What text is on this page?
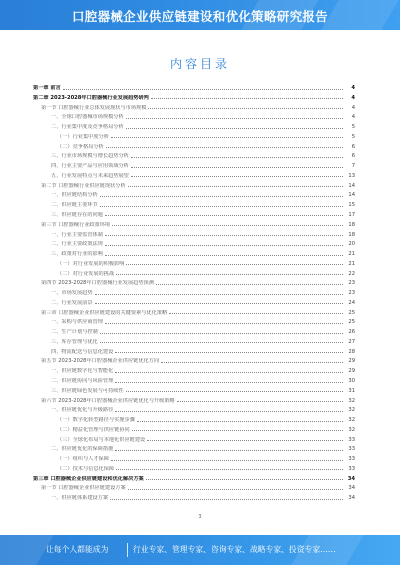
口腔器械企业供应链建设和优化策略研究报告
内容目录
第一章 前言	4
第二章 2023-2028年口腔器械行业发展趋势研判	4
第一节 口腔器械行业总体发展现状与市场规模	4
一、全球口腔器械市场规模分析	4
二、行业集中度及竞争格局分析	5
（一）行业集中度分析	5
（二）竞争格局分析	6
三、行业市场规模与增长趋势分析	6
四、行业主要产品与应用领域分析	7
五、行业发展特点与未来趋势展望	13
第二节 口腔器械行业供应链现状分析	14
一、供应链结构分析	14
二、供应链主要环节	15
三、供应链存在的问题	17
第三节 口腔器械行业政策环境	18
一、行业主要监管体制	18
二、行业主要政策法规	20
三、政策对行业的影响	21
（一）对行业发展的积极影响	21
（二）对行业发展的挑战	22
第四节 2023-2028年口腔器械行业发展趋势预测	23
一、市场发展趋势	23
二、行业发展前景	24
第三章 口腔器械企业供应链建设的关键要素与优化策略	25
一、采购与供应商管理	25
二、生产计划与控制	26
三、库存管理与优化	27
四、物流配送与信息化建设	28
第五节 2023-2028年口腔器械企业供应链优化方向	29
一、供应链数字化与智能化	29
二、供应链协同与风险管理	30
三、供应链绿色发展与可持续性	31
第六节 2023-2028年口腔器械企业供应链优化与升级策略	32
一、供应链优化与升级路径	32
（一）数字化转型路径与实施步骤	32
（二）精益化管理与供应链协同	32
（三）全球化布局与本地化供应链建设	33
二、供应链优化的保障措施	33
（一）组织与人才保障	33
（二）技术与信息化保障	33
第三章 口腔器械企业供应链建设和优化解决方案	34
第一节 口腔器械企业供应链建设方案	34
一、供应链体系建设方案	34
3
让每个人都能成为	行业专家、管理专家、咨询专家、战略专家、投资专家……
